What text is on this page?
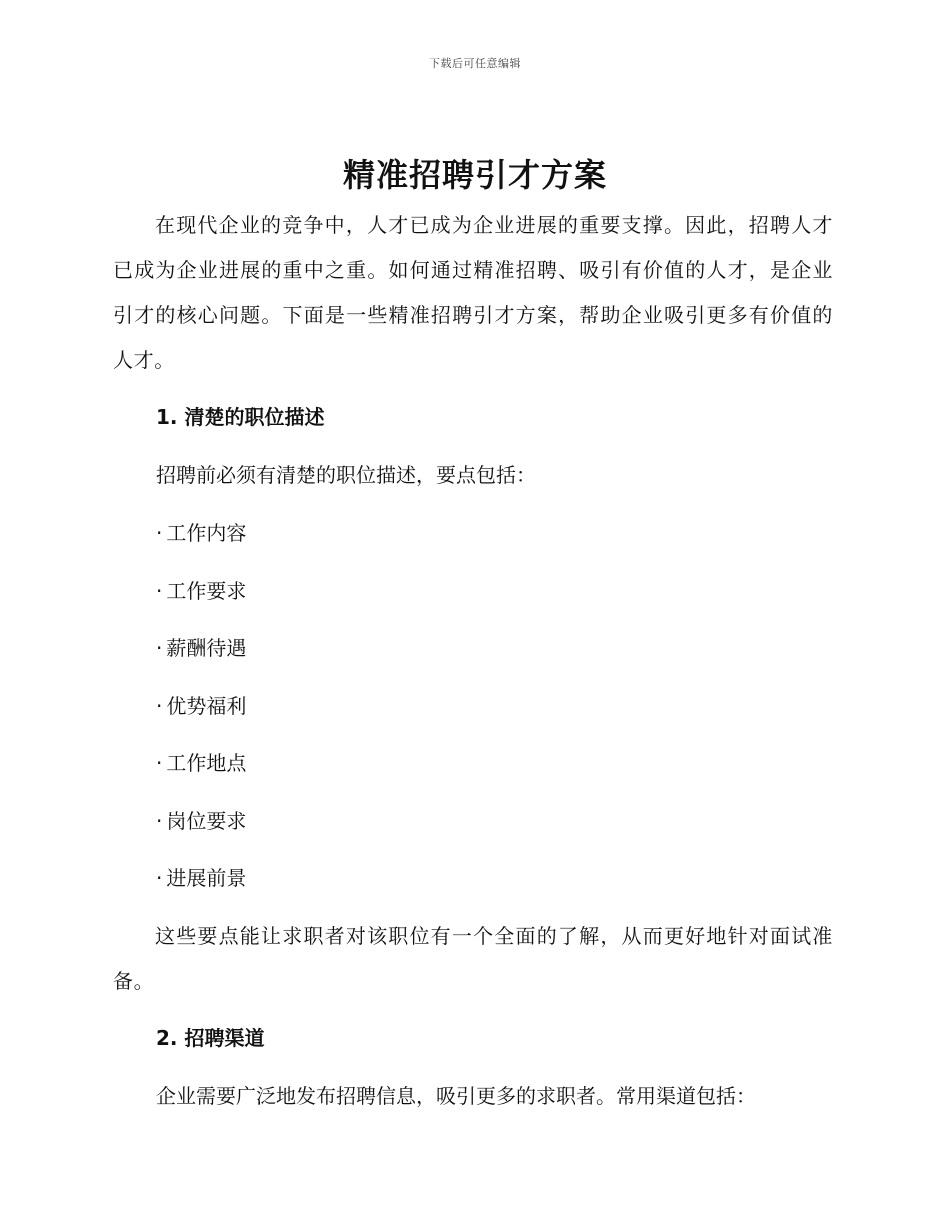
下载后可任意编辑
精准招聘引才方案

在现代企业的竞争中，人才已成为企业进展的重要支撑。因此，招聘人才已成为企业进展的重中之重。如何通过精准招聘、吸引有价值的人才，是企业引才的核心问题。下面是一些精准招聘引才方案，帮助企业吸引更多有价值的人才。

1. 清楚的职位描述

招聘前必须有清楚的职位描述，要点包括：

· 工作内容
· 工作要求
· 薪酬待遇
· 优势福利
· 工作地点
· 岗位要求
· 进展前景

这些要点能让求职者对该职位有一个全面的了解，从而更好地针对面试准备。

2. 招聘渠道

企业需要广泛地发布招聘信息，吸引更多的求职者。常用渠道包括：
